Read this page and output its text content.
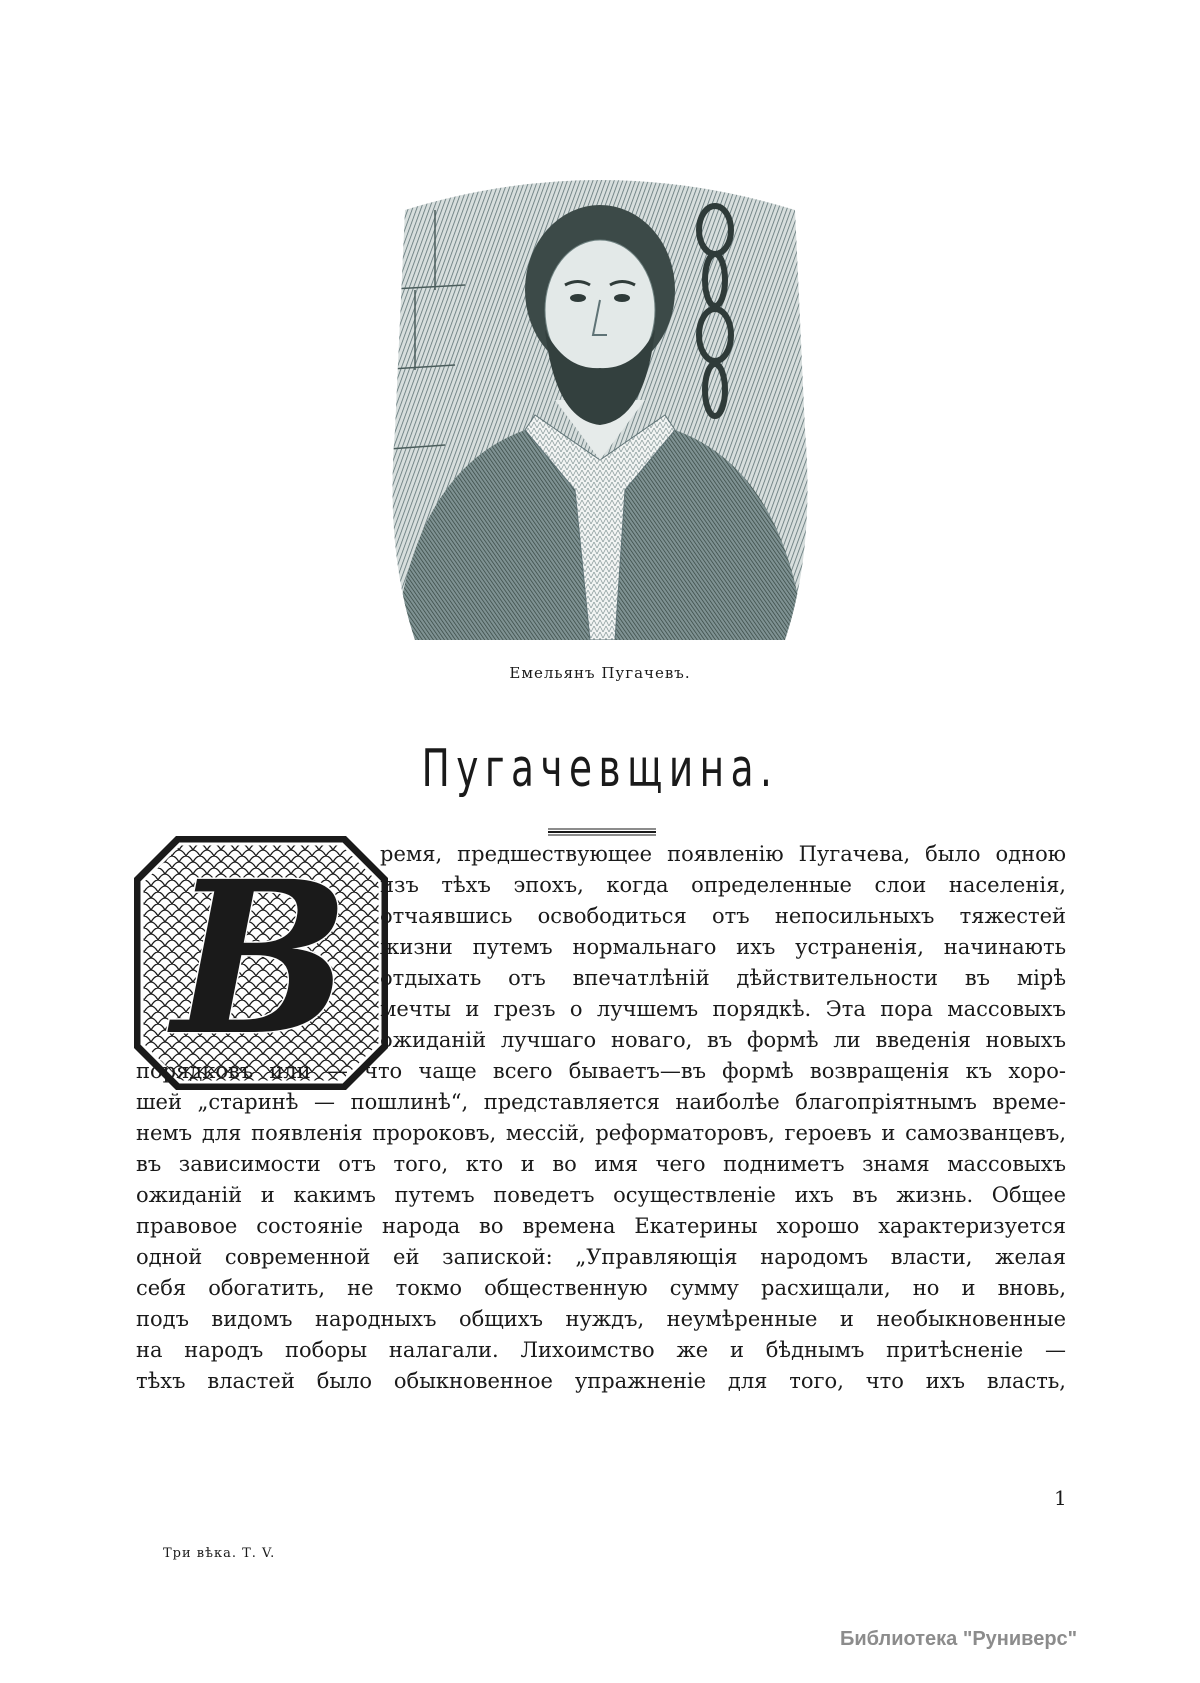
Емельянъ Пугачевъ.
Пугачевщина.
В ремя, предшествующее появленію Пугачева, было одною
изъ тѣхъ эпохъ, когда определенные слои населенія,
отчаявшись освободиться отъ непосильныхъ тяжестей
жизни путемъ нормальнаго ихъ устраненія, начинають
отдыхать отъ впечатлѣній дѣйствительности въ мірѣ
мечты и грезъ о лучшемъ порядкѣ. Эта пора массовыхъ
ожиданій лучшаго новаго, въ формѣ ли введенія новыхъ
порядковъ или — что чаще всего бываетъ—въ формѣ возвращенія къ хоро-
шей „старинѣ — пошлинѣ“, представляется наиболѣе благопріятнымъ време-
немъ для появленія пророковъ, мессій, реформаторовъ, героевъ и самозванцевъ,
въ зависимости отъ того, кто и во имя чего подниметъ знамя массовыхъ
ожиданій и какимъ путемъ поведетъ осуществленіе ихъ въ жизнь. Общее
правовое состояніе народа во времена Екатерины хорошо характеризуется
одной современной ей запиской: „Управляющія народомъ власти, желая
себя обогатить, не токмо общественную сумму расхищали, но и вновь,
подъ видомъ народныхъ общихъ нуждъ, неумѣренные и необыкновенные
на народъ поборы налагали. Лихоимство же и бѣднымъ притѣсненіе —
тѣхъ властей было обыкновенное упражненіе для того, что ихъ власть,
1
Три вѣка. Т. V.
Библиотека "Руниверс"
